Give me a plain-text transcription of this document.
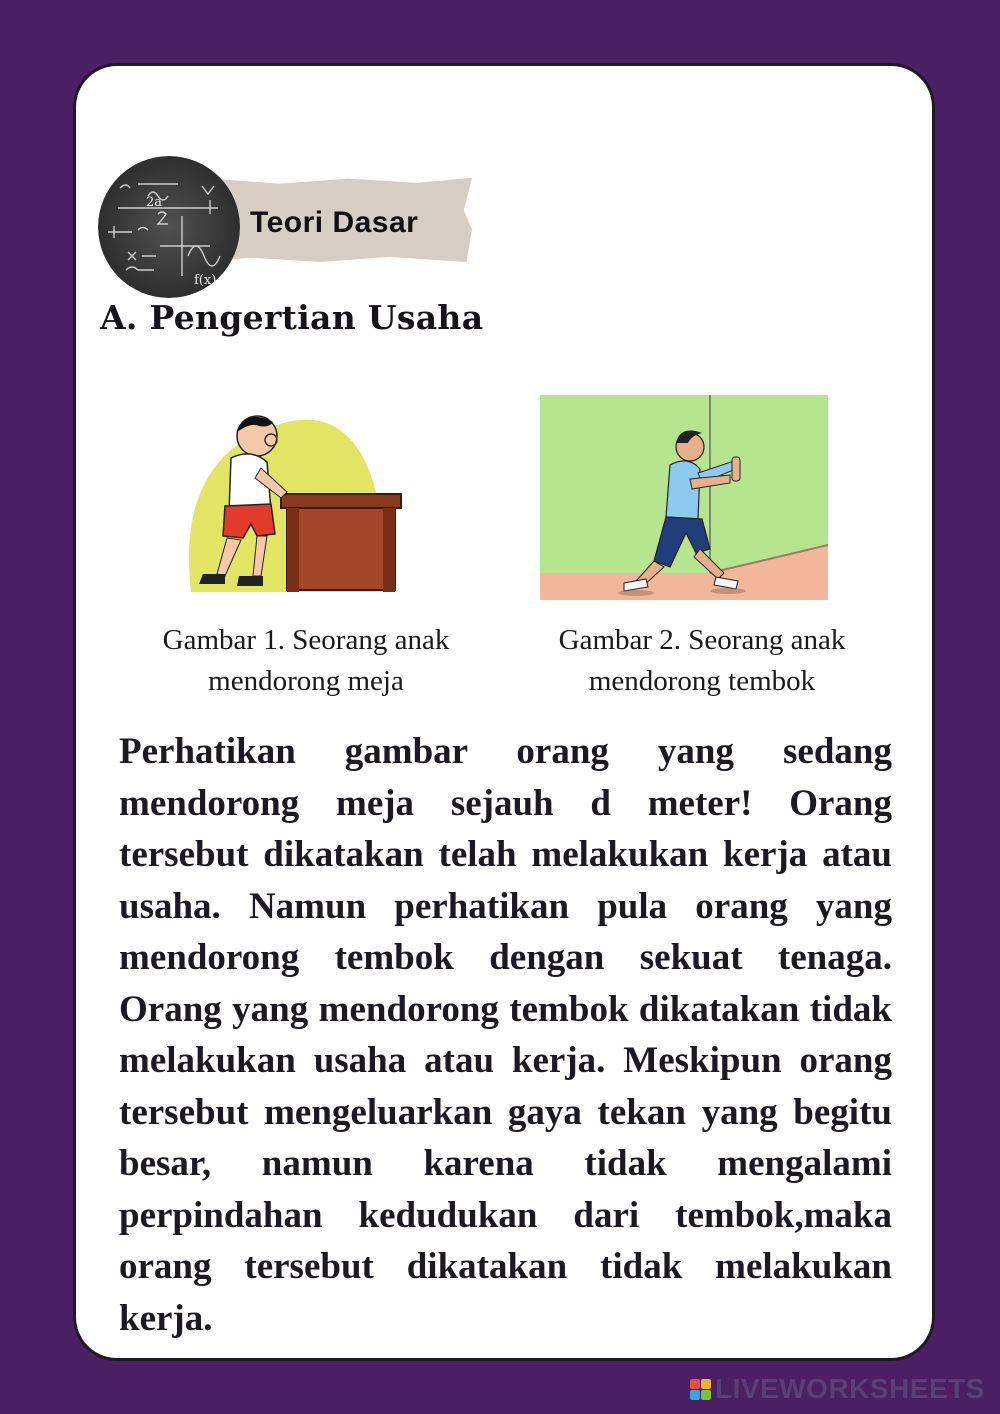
Teori Dasar
f(x)
2a
A. Pengertian Usaha

Gambar 1. Seorang anak
mendorong meja

Gambar 2. Seorang anak
mendorong tembok

Perhatikan gambar orang yang sedang mendorong meja sejauh d meter! Orang tersebut dikatakan telah melakukan kerja atau usaha. Namun perhatikan pula orang yang mendorong tembok dengan sekuat tenaga. Orang yang mendorong tembok dikatakan tidak melakukan usaha atau kerja. Meskipun orang tersebut mengeluarkan gaya tekan yang begitu besar, namun karena tidak mengalami perpindahan kedudukan dari tembok,maka orang tersebut dikatakan tidak melakukan kerja.

LIVEWORKSHEETS
